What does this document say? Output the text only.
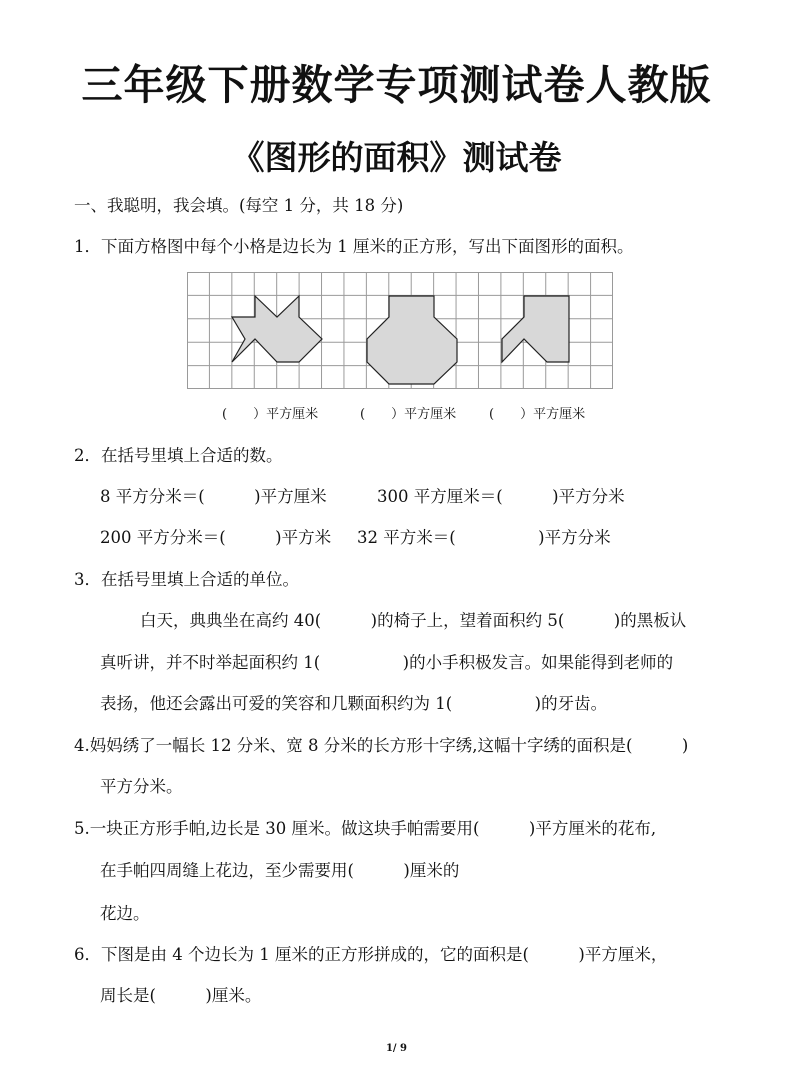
三年级下册数学专项测试卷人教版
《图形的面积》测试卷
一、我聪明，我会填。(每空 1 分，共 18 分)
1．下面方格图中每个小格是边长为 1 厘米的正方形，写出下面图形的面积。
(　　）平方厘米	(　　）平方厘米	(　　）平方厘米
2．在括号里填上合适的数。
8 平方分米＝(　　　)平方厘米	300 平方厘米＝(　　　)平方分米
200 平方分米＝(　　　)平方米 32 平方米＝(　　　　　)平方分米
3．在括号里填上合适的单位。
白天，典典坐在高约 40(　　　)的椅子上，望着面积约 5(　　　)的黑板认
真听讲，并不时举起面积约 1(　　　　　)的小手积极发言。如果能得到老师的
表扬，他还会露出可爱的笑容和几颗面积约为 1(　　　　　)的牙齿。
4.妈妈绣了一幅长 12 分米、宽 8 分米的长方形十字绣,这幅十字绣的面积是(　　　)
平方分米。
5.一块正方形手帕,边长是 30 厘米。做这块手帕需要用(　　　)平方厘米的花布,
在手帕四周缝上花边，至少需要用(　　　)厘米的
花边。
6．下图是由 4 个边长为 1 厘米的正方形拼成的，它的面积是(　　　)平方厘米，
周长是(　　　)厘米。
1/ 9
